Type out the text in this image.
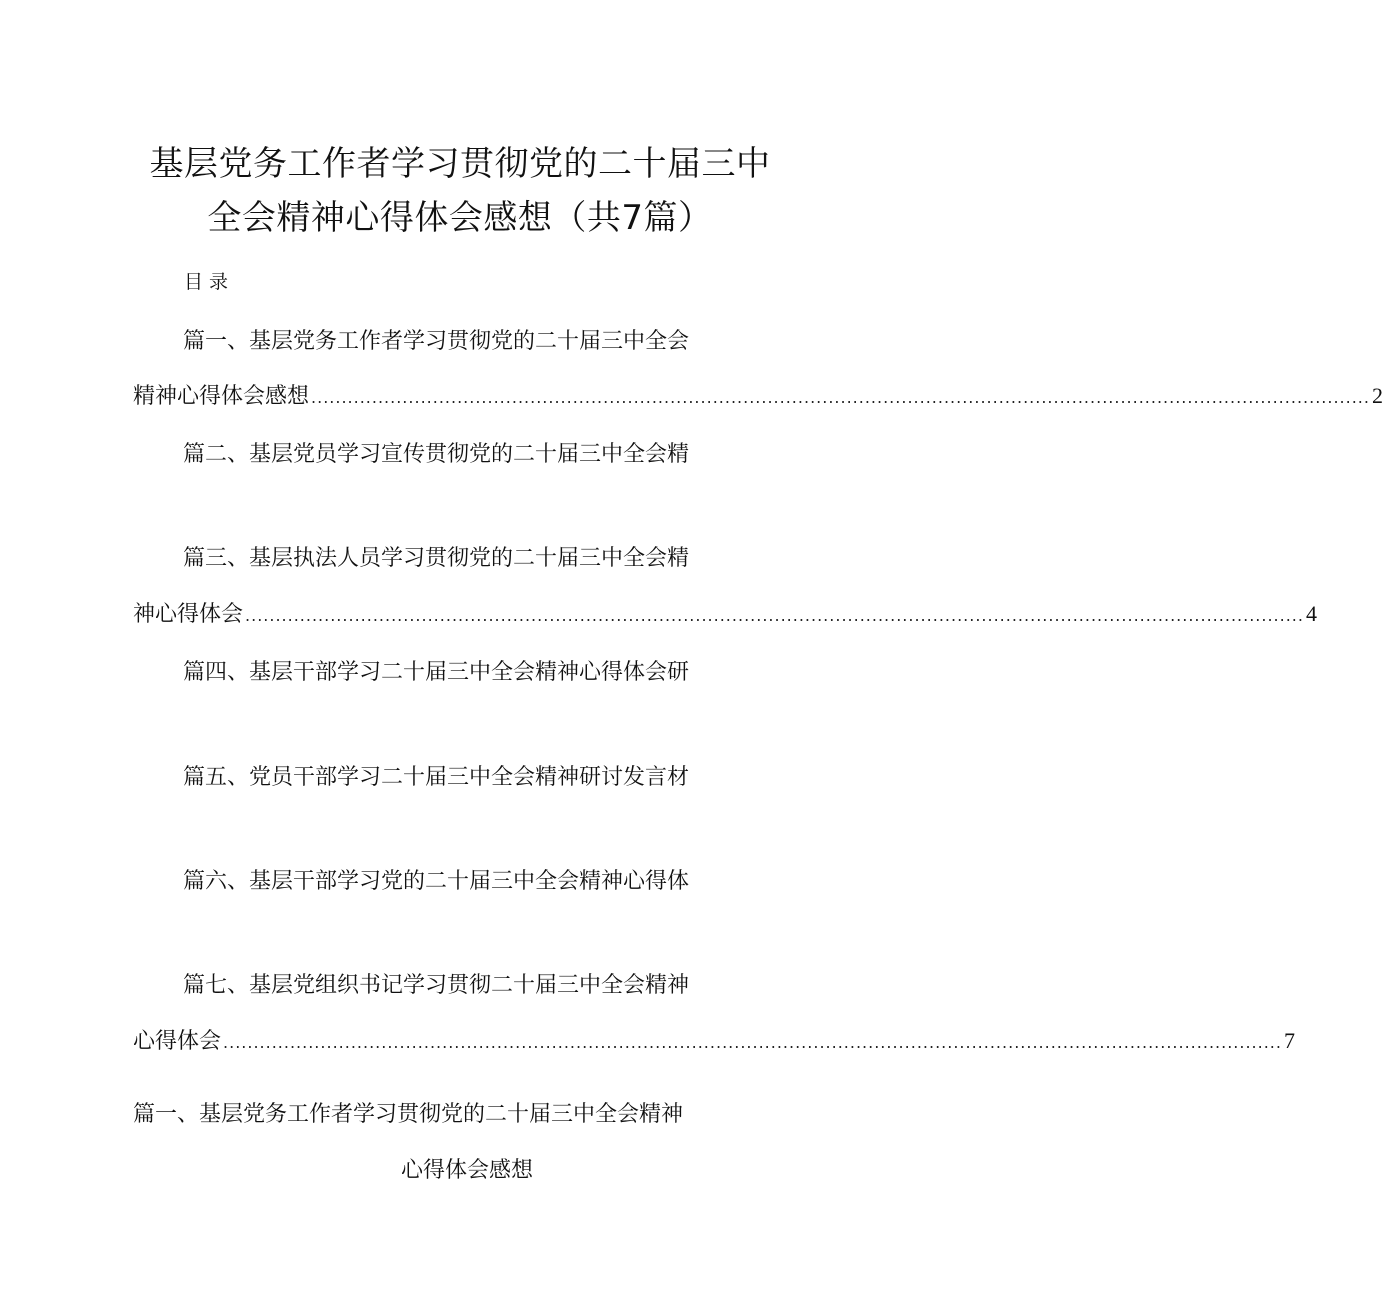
基层党务工作者学习贯彻党的二十届三中
全会精神心得体会感想（共7篇）
目录
篇一、基层党务工作者学习贯彻党的二十届三中全会
精神心得体会感想 .............................................................................................................................................................................. 2
篇二、基层党员学习宣传贯彻党的二十届三中全会精
篇三、基层执法人员学习贯彻党的二十届三中全会精
神心得体会 .............................................................................................................................................................................. 4
篇四、基层干部学习二十届三中全会精神心得体会研
篇五、党员干部学习二十届三中全会精神研讨发言材
篇六、基层干部学习党的二十届三中全会精神心得体
篇七、基层党组织书记学习贯彻二十届三中全会精神
心得体会 .............................................................................................................................................................................. 7
篇一、基层党务工作者学习贯彻党的二十届三中全会精神
心得体会感想
